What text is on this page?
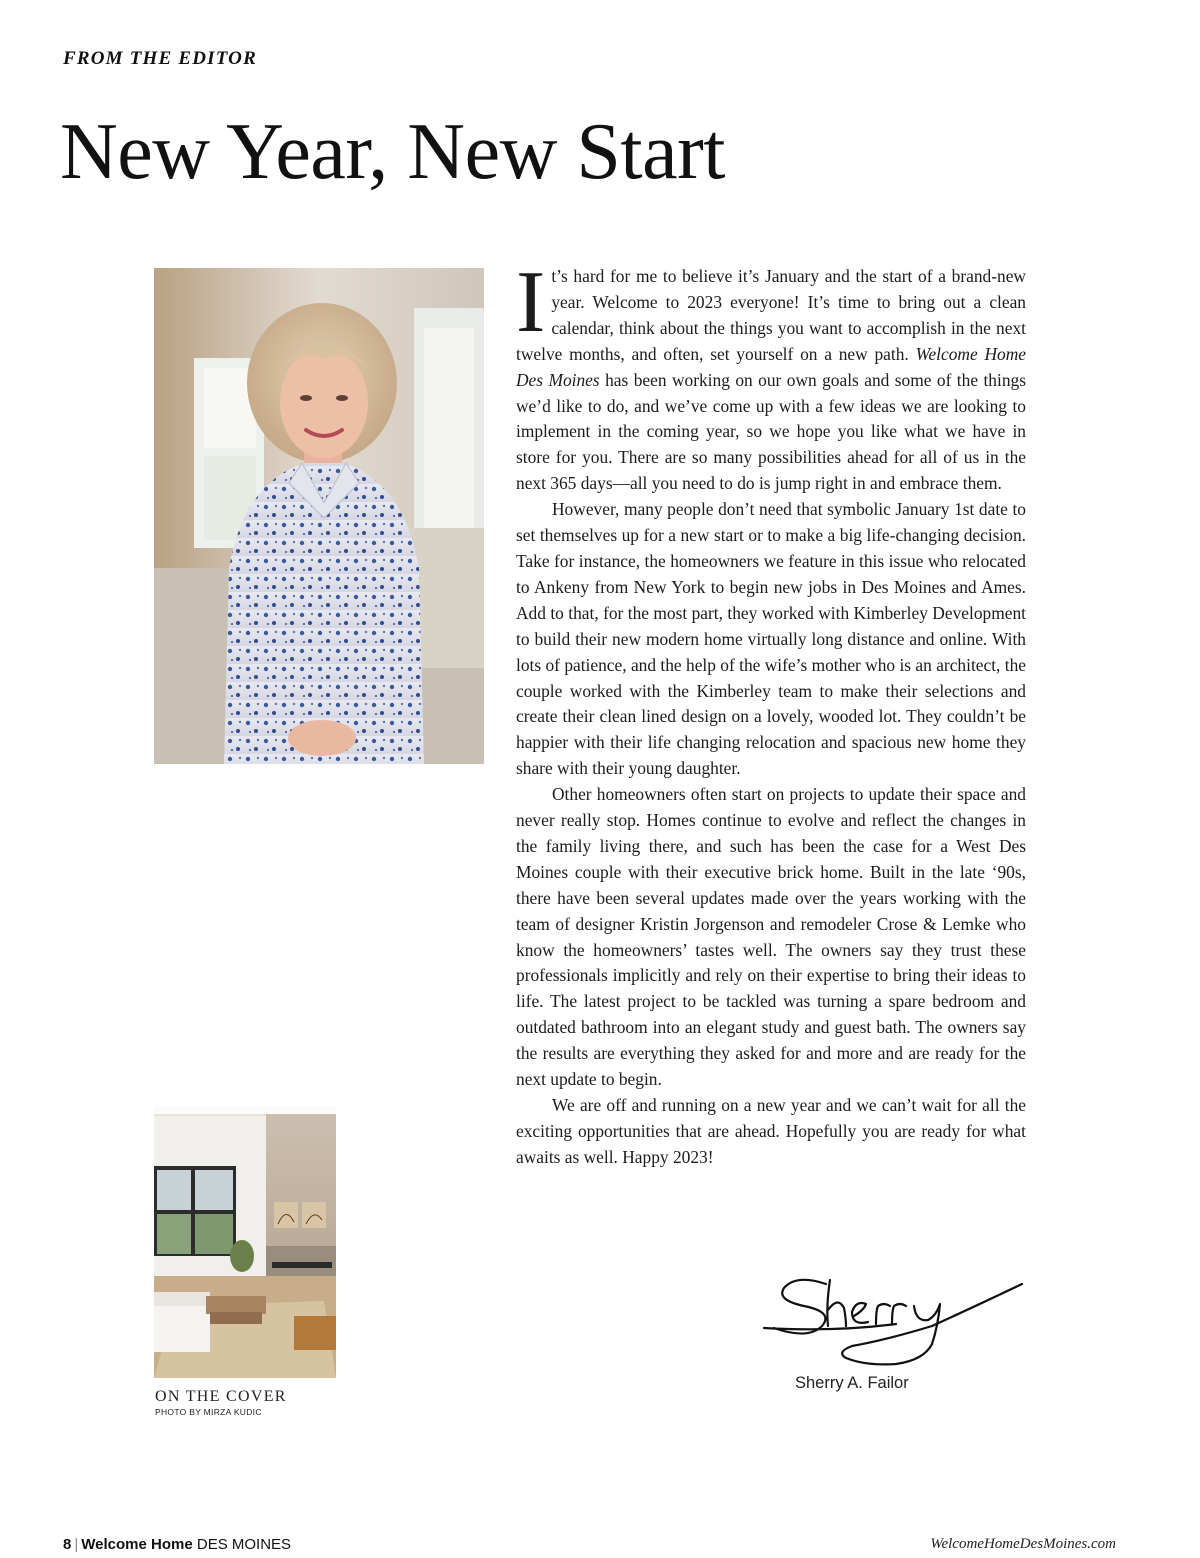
FROM THE EDITOR
New Year, New Start
ON THE COVER
PHOTO BY MIRZA KUDIC

It’s hard for me to believe it’s January and the start of a brand-new year. Welcome to 2023 everyone! It’s time to bring out a clean calendar, think about the things you want to accomplish in the next twelve months, and often, set yourself on a new path. Welcome Home Des Moines has been working on our own goals and some of the things we’d like to do, and we’ve come up with a few ideas we are looking to implement in the coming year, so we hope you like what we have in store for you. There are so many possibilities ahead for all of us in the next 365 days—all you need to do is jump right in and embrace them.

However, many people don’t need that symbolic January 1st date to set themselves up for a new start or to make a big life-changing decision. Take for instance, the homeowners we feature in this issue who relocated to Ankeny from New York to begin new jobs in Des Moines and Ames. Add to that, for the most part, they worked with Kimberley Development to build their new modern home virtually long distance and online. With lots of patience, and the help of the wife’s mother who is an architect, the couple worked with the Kimberley team to make their selections and create their clean lined design on a lovely, wooded lot. They couldn’t be happier with their life changing relocation and spacious new home they share with their young daughter.

Other homeowners often start on projects to update their space and never really stop. Homes continue to evolve and reflect the changes in the family living there, and such has been the case for a West Des Moines couple with their executive brick home. Built in the late ‘90s, there have been several updates made over the years working with the team of designer Kristin Jorgenson and remodeler Crose & Lemke who know the homeowners’ tastes well. The owners say they trust these professionals implicitly and rely on their expertise to bring their ideas to life. The latest project to be tackled was turning a spare bedroom and outdated bathroom into an elegant study and guest bath. The owners say the results are everything they asked for and more and are ready for the next update to begin.

We are off and running on a new year and we can’t wait for all the exciting opportunities that are ahead. Hopefully you are ready for what awaits as well. Happy 2023!

Sherry A. Failor
8 | Welcome Home DES MOINES	WelcomeHomeDesMoines.com
